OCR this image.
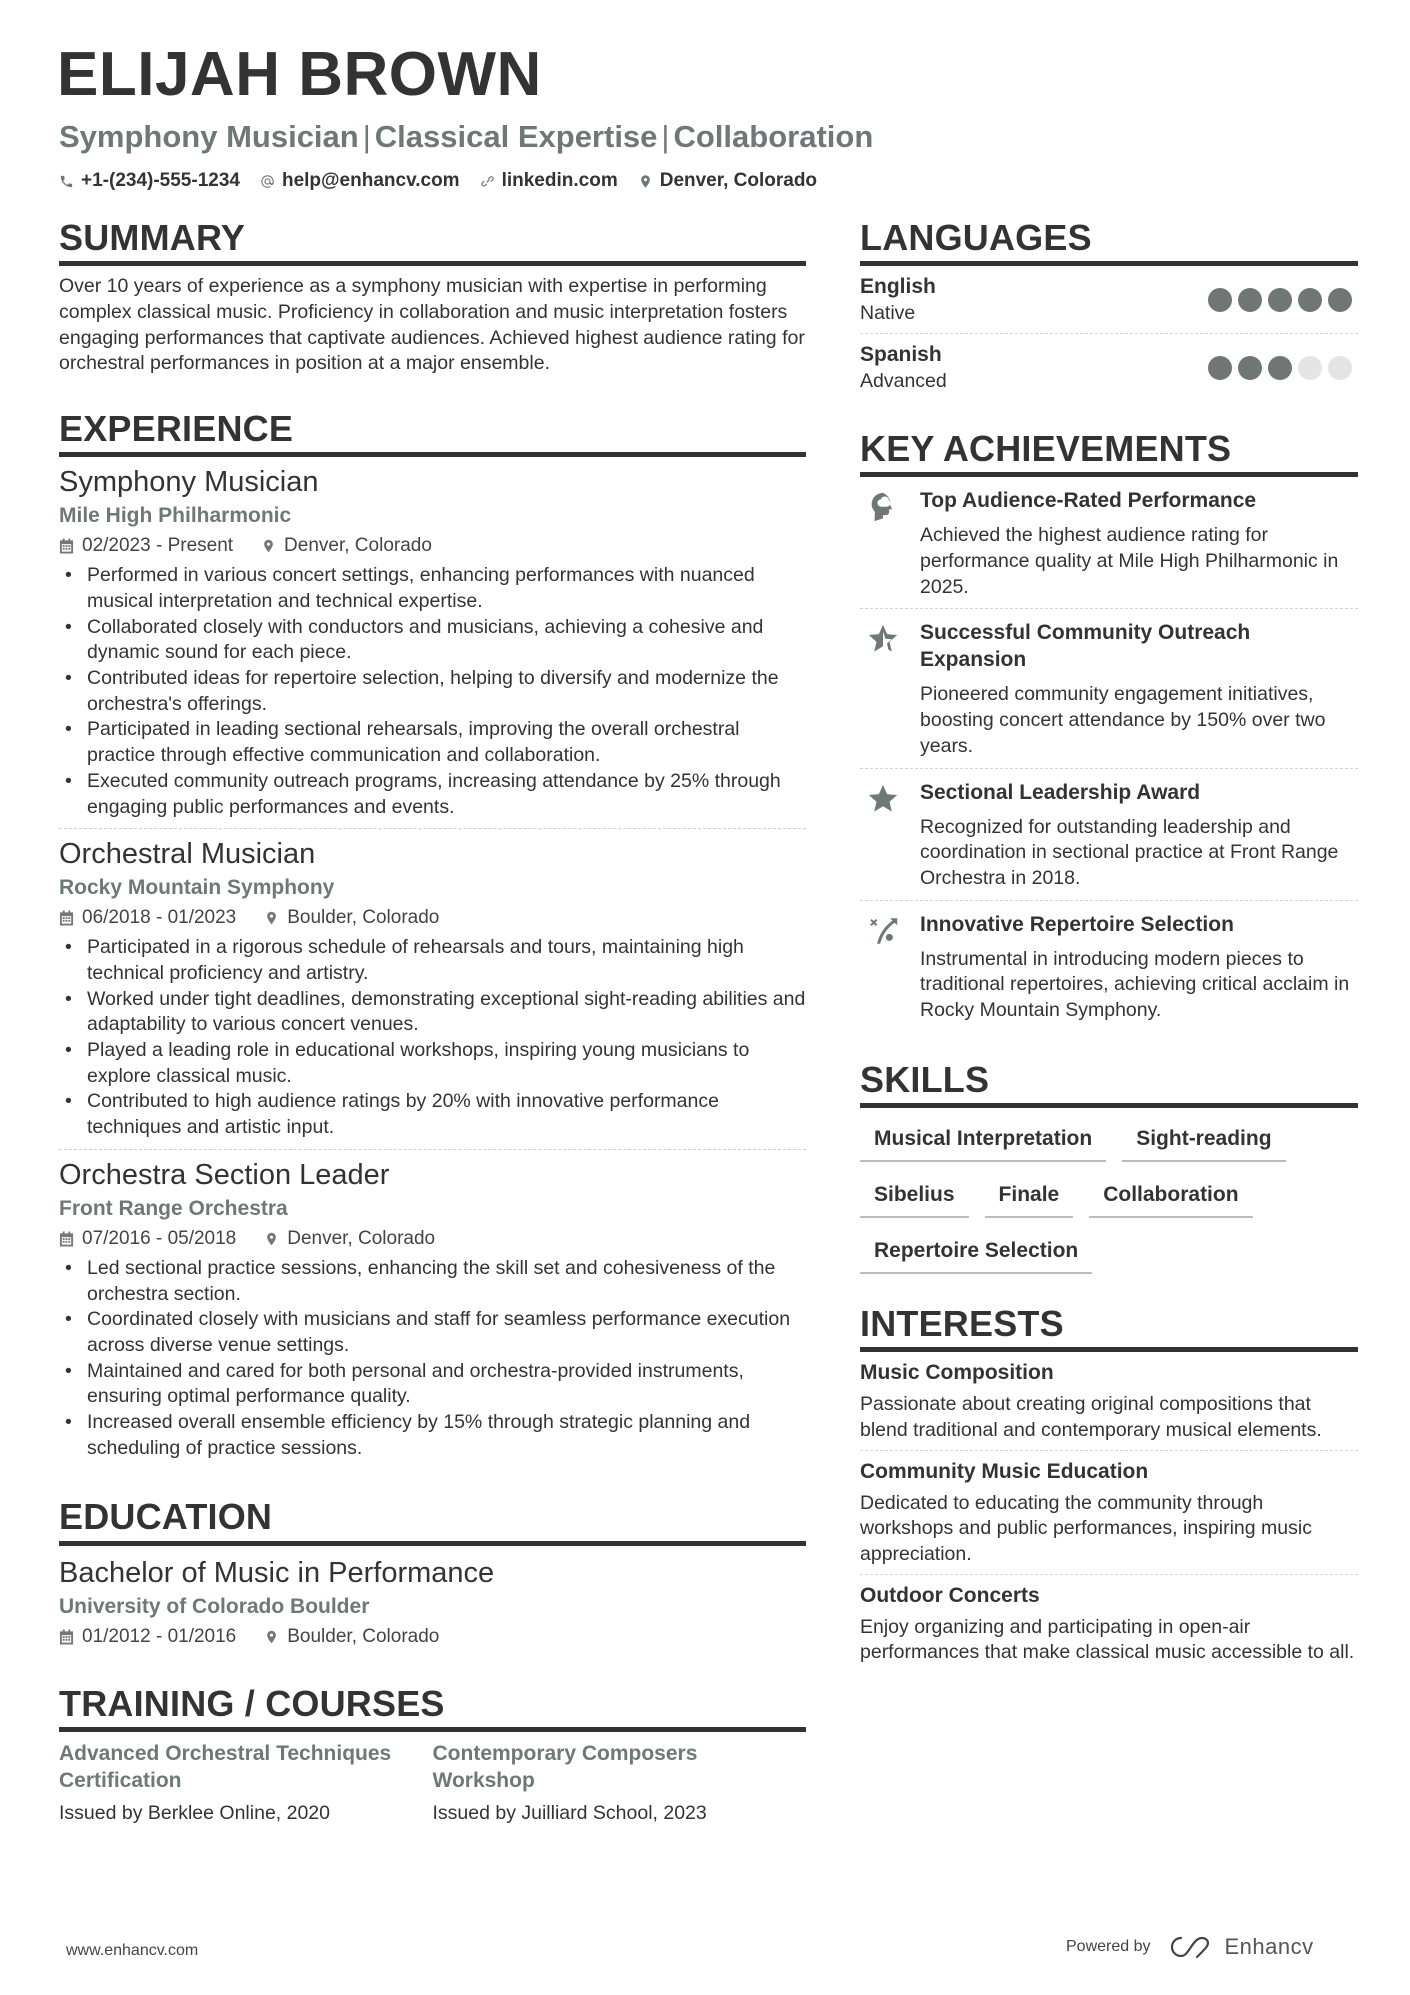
ELIJAH BROWN
Symphony Musician | Classical Expertise | Collaboration
+1-(234)-555-1234 help@enhancv.com linkedin.com Denver, Colorado
SUMMARY

Over 10 years of experience as a symphony musician with expertise in performing complex classical music. Proficiency in collaboration and music interpretation fosters engaging performances that captivate audiences. Achieved highest audience rating for orchestral performances in position at a major ensemble.

EXPERIENCE
Symphony Musician
Mile High Philharmonic
02/2023 - Present	Denver, Colorado
• Performed in various concert settings, enhancing performances with nuanced musical interpretation and technical expertise.
• Collaborated closely with conductors and musicians, achieving a cohesive and dynamic sound for each piece.
• Contributed ideas for repertoire selection, helping to diversify and modernize the orchestra's offerings.
• Participated in leading sectional rehearsals, improving the overall orchestral practice through effective communication and collaboration.
• Executed community outreach programs, increasing attendance by 25% through engaging public performances and events.
Orchestral Musician
Rocky Mountain Symphony
06/2018 - 01/2023	Boulder, Colorado
• Participated in a rigorous schedule of rehearsals and tours, maintaining high technical proficiency and artistry.
• Worked under tight deadlines, demonstrating exceptional sight-reading abilities and adaptability to various concert venues.
• Played a leading role in educational workshops, inspiring young musicians to explore classical music.
• Contributed to high audience ratings by 20% with innovative performance techniques and artistic input.
Orchestra Section Leader
Front Range Orchestra
07/2016 - 05/2018	Denver, Colorado
• Led sectional practice sessions, enhancing the skill set and cohesiveness of the orchestra section.
• Coordinated closely with musicians and staff for seamless performance execution across diverse venue settings.
• Maintained and cared for both personal and orchestra-provided instruments, ensuring optimal performance quality.
• Increased overall ensemble efficiency by 15% through strategic planning and scheduling of practice sessions.
EDUCATION
Bachelor of Music in Performance
University of Colorado Boulder
01/2012 - 01/2016	Boulder, Colorado
TRAINING / COURSES
Advanced Orchestral Techniques Certification
Issued by Berklee Online, 2020
Contemporary Composers Workshop
Issued by Juilliard School, 2023
LANGUAGES
English
Native
Spanish
Advanced
KEY ACHIEVEMENTS
Top Audience-Rated Performance
Achieved the highest audience rating for performance quality at Mile High Philharmonic in 2025.
Successful Community Outreach Expansion
Pioneered community engagement initiatives, boosting concert attendance by 150% over two years.
Sectional Leadership Award
Recognized for outstanding leadership and coordination in sectional practice at Front Range Orchestra in 2018.
Innovative Repertoire Selection
Instrumental in introducing modern pieces to traditional repertoires, achieving critical acclaim in Rocky Mountain Symphony.
SKILLS
Musical Interpretation	Sight-reading
Sibelius	Finale	Collaboration
Repertoire Selection
INTERESTS
Music Composition
Passionate about creating original compositions that blend traditional and contemporary musical elements.
Community Music Education
Dedicated to educating the community through workshops and public performances, inspiring music appreciation.
Outdoor Concerts
Enjoy organizing and participating in open-air performances that make classical music accessible to all.
www.enhancv.com	Powered by	Enhancv
